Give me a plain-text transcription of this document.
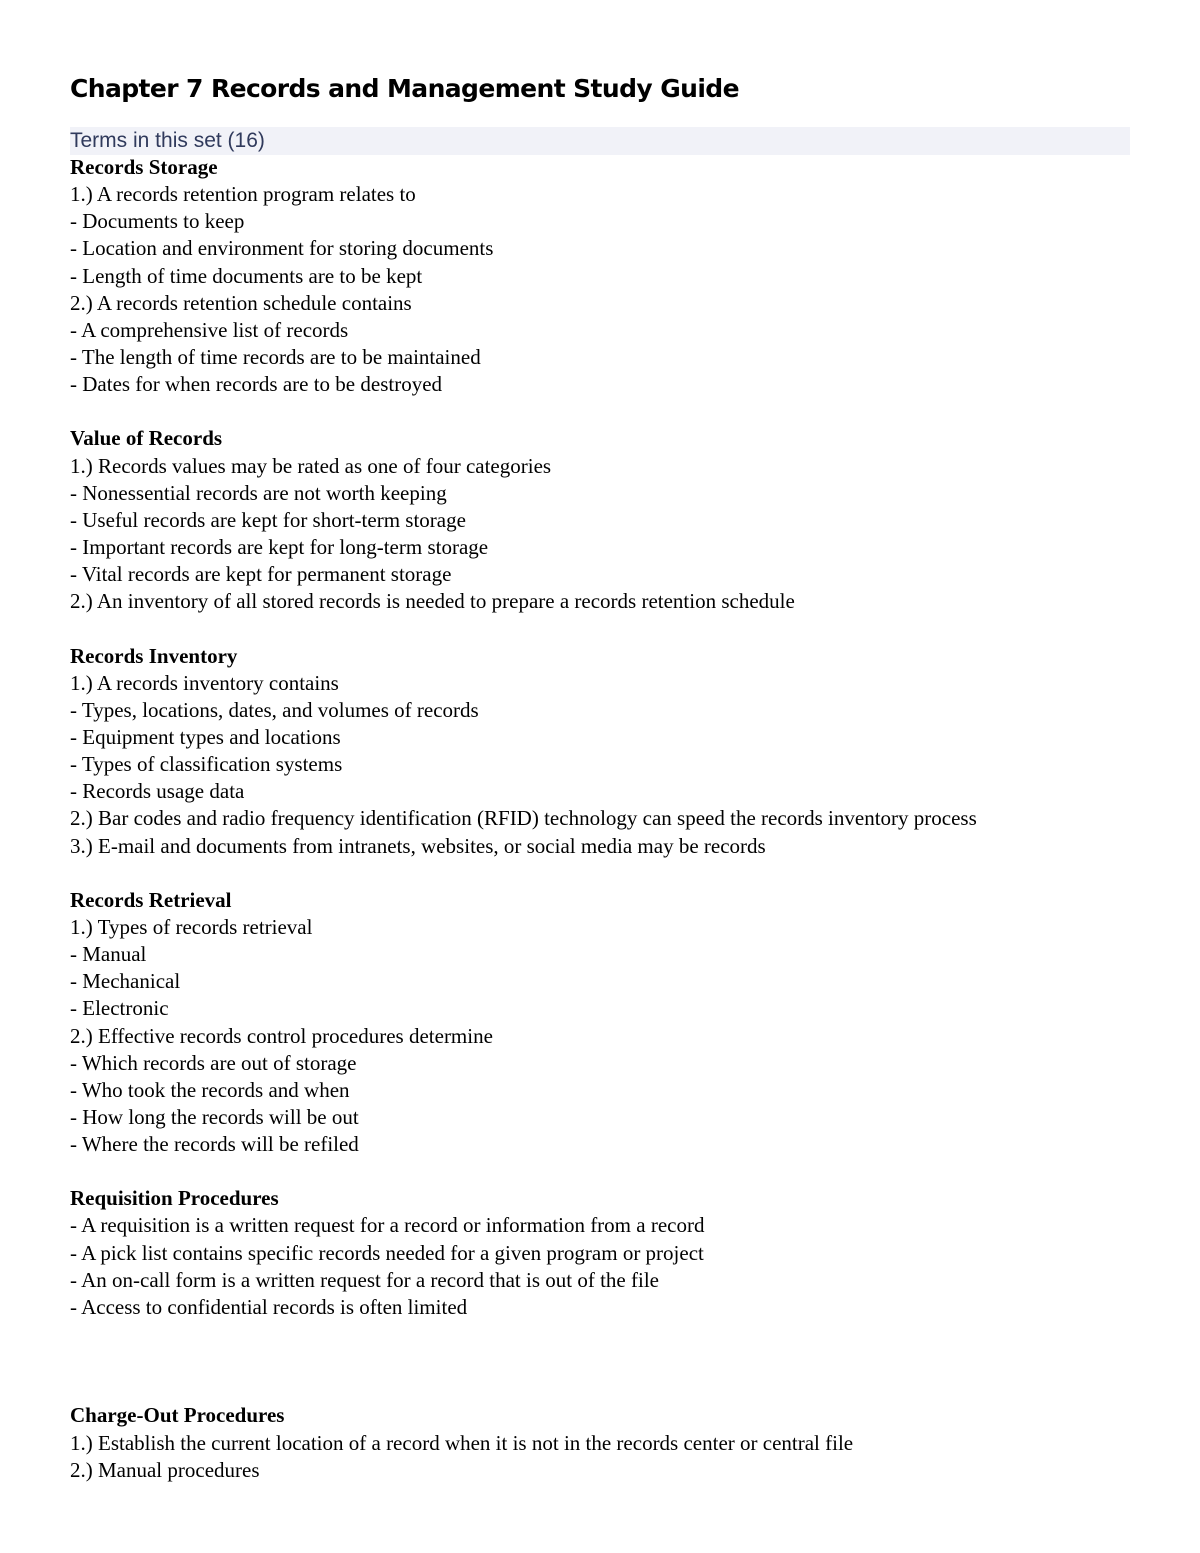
Chapter 7 Records and Management Study Guide
Terms in this set (16)
Records Storage
1.) A records retention program relates to
- Documents to keep
- Location and environment for storing documents
- Length of time documents are to be kept
2.) A records retention schedule contains
- A comprehensive list of records
- The length of time records are to be maintained
- Dates for when records are to be destroyed
Value of Records
1.) Records values may be rated as one of four categories
- Nonessential records are not worth keeping
- Useful records are kept for short-term storage
- Important records are kept for long-term storage
- Vital records are kept for permanent storage
2.) An inventory of all stored records is needed to prepare a records retention schedule
Records Inventory
1.) A records inventory contains
- Types, locations, dates, and volumes of records
- Equipment types and locations
- Types of classification systems
- Records usage data
2.) Bar codes and radio frequency identification (RFID) technology can speed the records inventory process
3.) E-mail and documents from intranets, websites, or social media may be records
Records Retrieval
1.) Types of records retrieval
- Manual
- Mechanical
- Electronic
2.) Effective records control procedures determine
- Which records are out of storage
- Who took the records and when
- How long the records will be out
- Where the records will be refiled
Requisition Procedures
- A requisition is a written request for a record or information from a record
- A pick list contains specific records needed for a given program or project
- An on-call form is a written request for a record that is out of the file
- Access to confidential records is often limited
Charge-Out Procedures
1.) Establish the current location of a record when it is not in the records center or central file
2.) Manual procedures
